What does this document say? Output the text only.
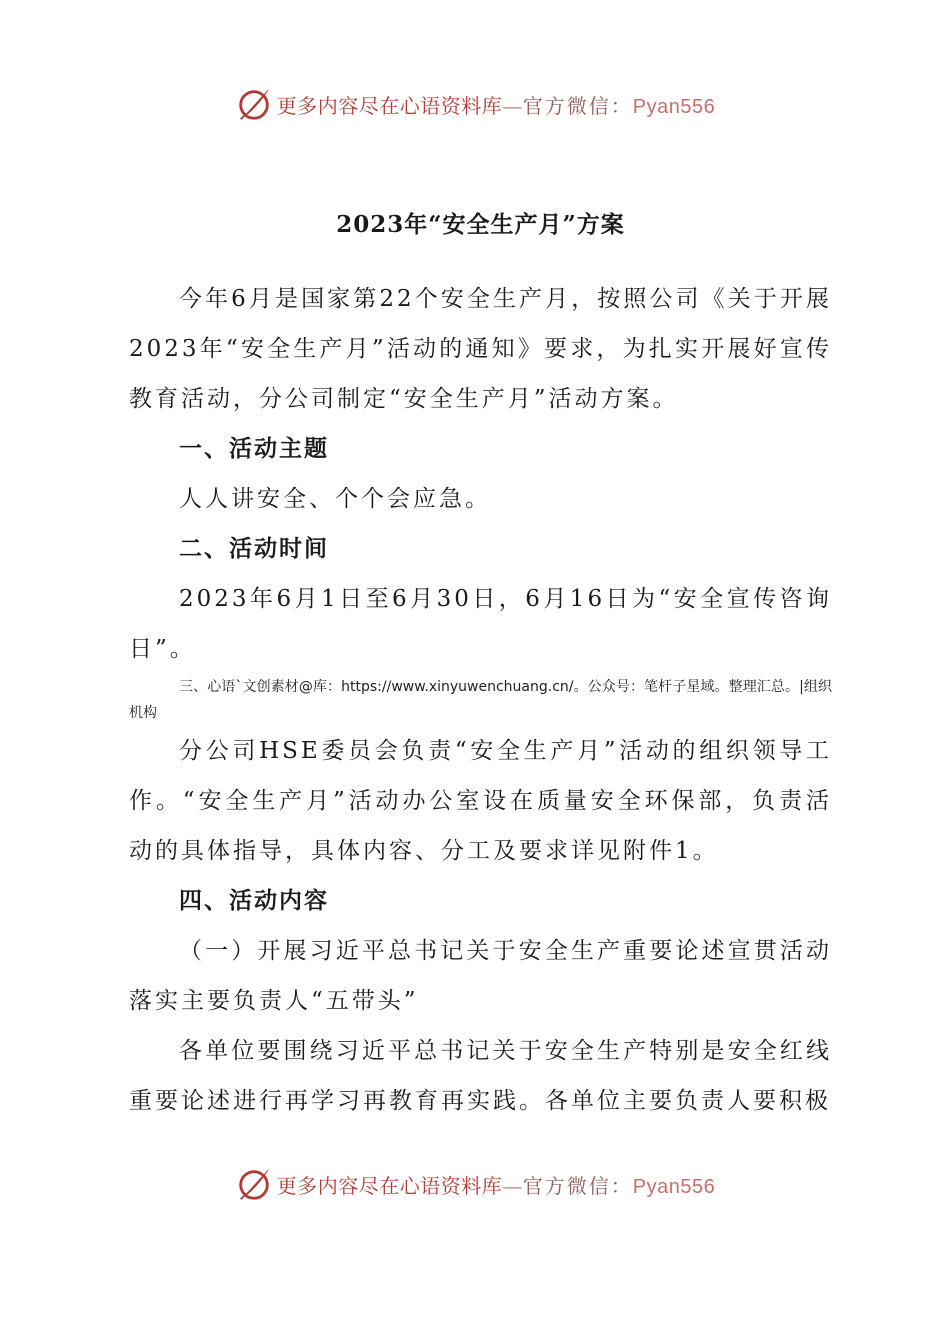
更多内容尽在心语资料库—官方微信：Pyan556
2023年“安全生产月”方案

今年6月是国家第22个安全生产月，按照公司《关于开展2023年“安全生产月”活动的通知》要求，为扎实开展好宣传教育活动，分公司制定“安全生产月”活动方案。

一、活动主题

人人讲安全、个个会应急。

二、活动时间

2023年6月1日至6月30日，6月16日为“安全宣传咨询日”。

三、心语`文创素材@库：https://www.xinyuwenchuang.cn/。公众号：笔杆子星域。整理汇总。|组织机构

分公司HSE委员会负责“安全生产月”活动的组织领导工作。“安全生产月”活动办公室设在质量安全环保部，负责活动的具体指导，具体内容、分工及要求详见附件1。

四、活动内容

（一）开展习近平总书记关于安全生产重要论述宣贯活动落实主要负责人“五带头”

各单位要围绕习近平总书记关于安全生产特别是安全红线重要论述进行再学习再教育再实践。各单位主要负责人要积极

更多内容尽在心语资料库—官方微信：Pyan556
